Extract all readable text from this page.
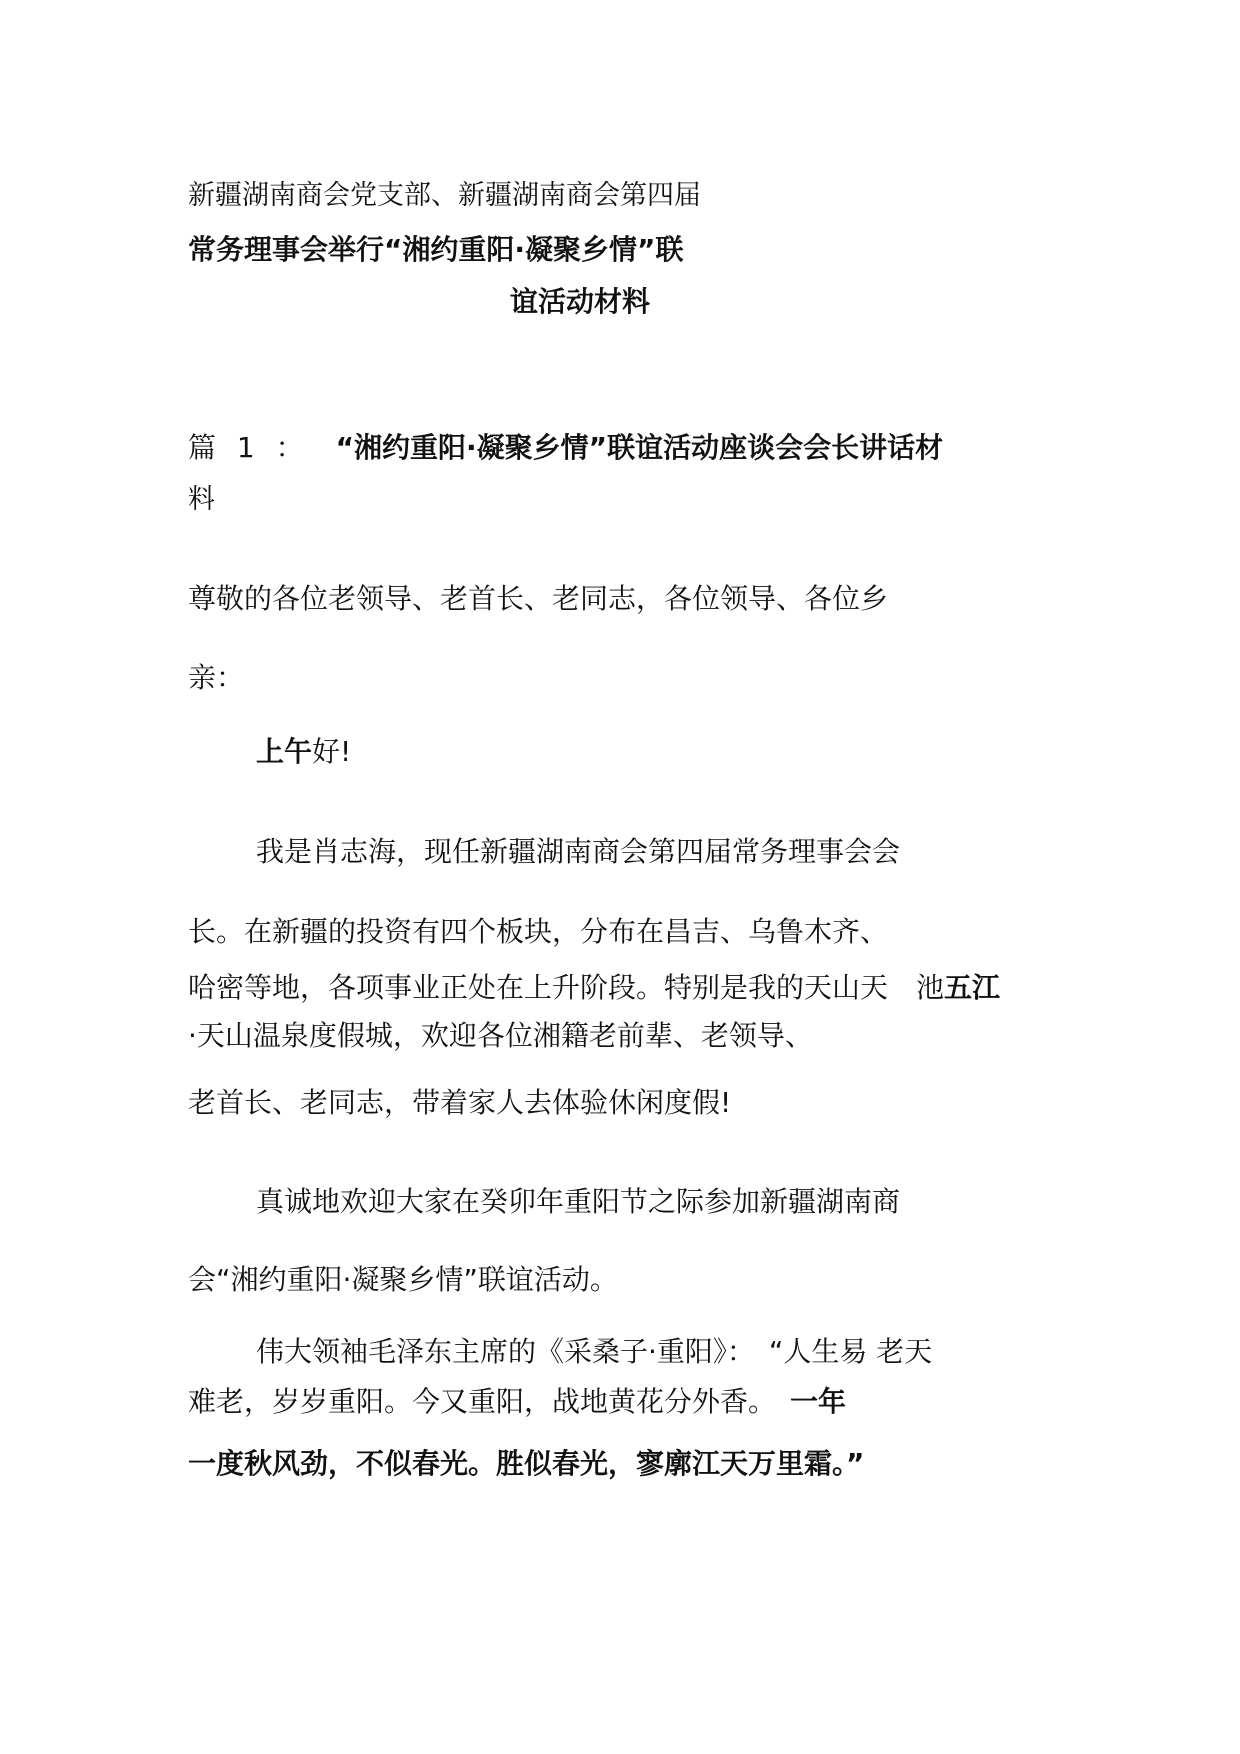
新疆湖南商会党支部、新疆湖南商会第四届
常务理事会举行“湘约重阳·凝聚乡情”联
谊活动材料
篇 1 ： “湘约重阳·凝聚乡情”联谊活动座谈会会长讲话材
料
尊敬的各位老领导、老首长、老同志，各位领导、各位乡
亲：
上午好!
我是肖志海，现任新疆湖南商会第四届常务理事会会
长。在新疆的投资有四个板块，分布在昌吉、乌鲁木齐、
哈密等地，各项事业正处在上升阶段。特别是我的天山天　池五江
·天山温泉度假城，欢迎各位湘籍老前辈、老领导、
老首长、老同志，带着家人去体验休闲度假!
真诚地欢迎大家在癸卯年重阳节之际参加新疆湖南商
会“湘约重阳·凝聚乡情”联谊活动。
伟大领袖毛泽东主席的《采桑子·重阳》：　“人生易 老天
难老，岁岁重阳。今又重阳，战地黄花分外香。　一年
一度秋风劲，不似春光。胜似春光，寥廓江天万里霜。”
